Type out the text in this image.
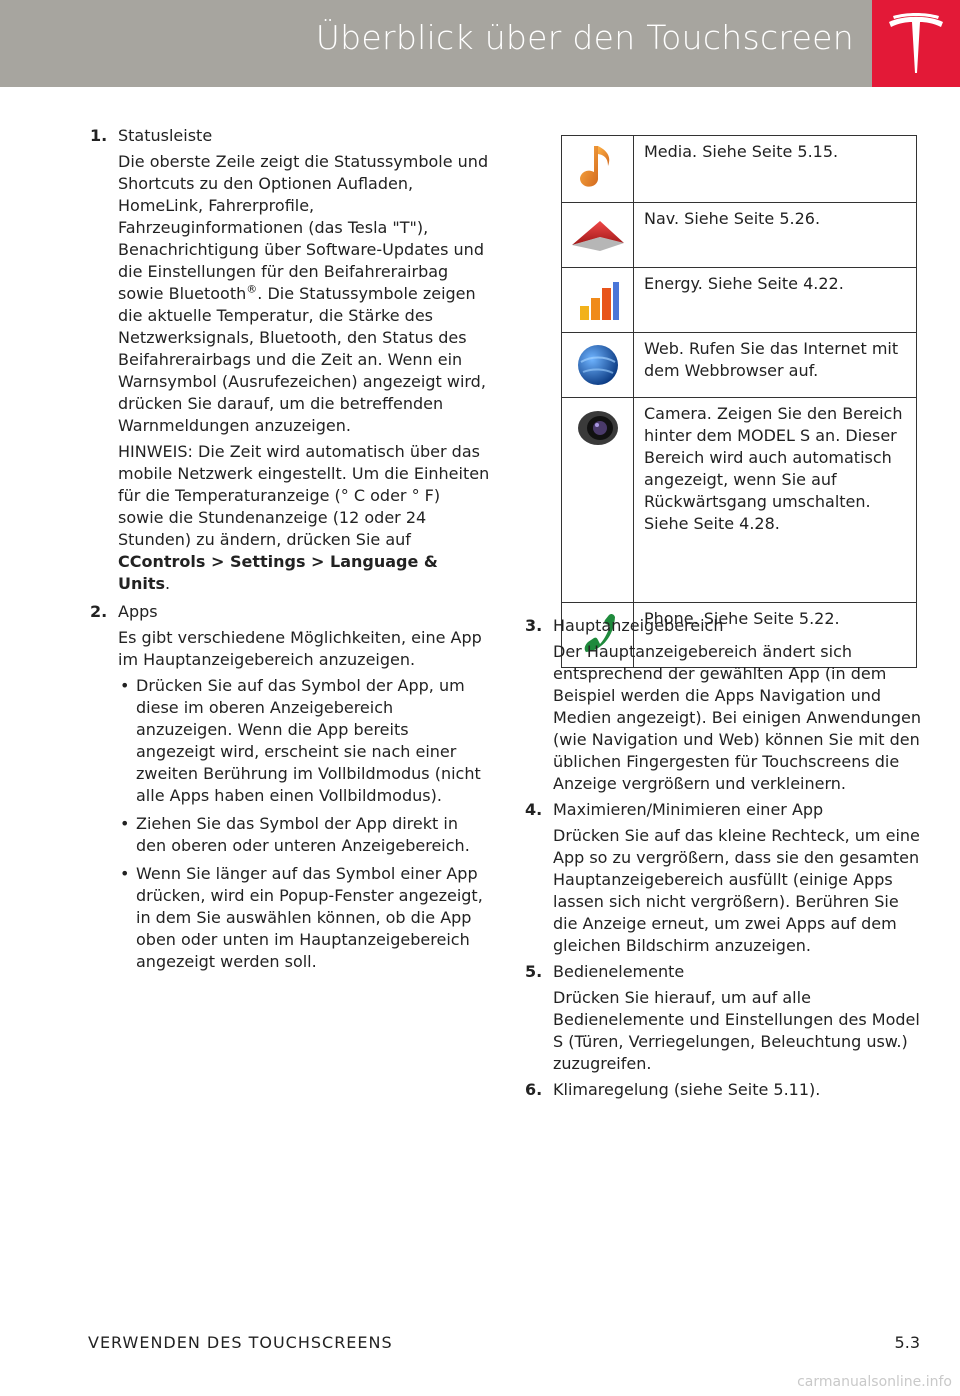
Überblick über den Touchscreen
1. Statusleiste
Die oberste Zeile zeigt die Statussymbole und Shortcuts zu den Optionen Aufladen, HomeLink, Fahrerprofile, Fahrzeuginformationen (das Tesla "T"), Benachrichtigung über Software-Updates und die Einstellungen für den Beifahrerairbag sowie Bluetooth®. Die Statussymbole zeigen die aktuelle Temperatur, die Stärke des Netzwerksignals, Bluetooth, den Status des Beifahrerairbags und die Zeit an. Wenn ein Warnsymbol (Ausrufezeichen) angezeigt wird, drücken Sie darauf, um die betreffenden Warnmeldungen anzuzeigen.
HINWEIS: Die Zeit wird automatisch über das mobile Netzwerk eingestellt. Um die Einheiten für die Temperaturanzeige (° C oder ° F) sowie die Stundenanzeige (12 oder 24 Stunden) zu ändern, drücken Sie auf CControls > Settings > Language & Units.
2. Apps
Es gibt verschiedene Möglichkeiten, eine App im Hauptanzeigebereich anzuzeigen.
• Drücken Sie auf das Symbol der App, um diese im oberen Anzeigebereich anzuzeigen. Wenn die App bereits angezeigt wird, erscheint sie nach einer zweiten Berührung im Vollbildmodus (nicht alle Apps haben einen Vollbildmodus).
• Ziehen Sie das Symbol der App direkt in den oberen oder unteren Anzeigebereich.
• Wenn Sie länger auf das Symbol einer App drücken, wird ein Popup-Fenster angezeigt, in dem Sie auswählen können, ob die App oben oder unten im Hauptanzeigebereich angezeigt werden soll.
	Media. Siehe Seite 5.15.

	Nav. Siehe Seite 5.26.

	Energy. Siehe Seite 4.22.

	Web. Rufen Sie das Internet mit dem Webbrowser auf.

	Camera. Zeigen Sie den Bereich hinter dem MODEL S an. Dieser Bereich wird auch automatisch angezeigt, wenn Sie auf Rückwärtsgang umschalten. Siehe Seite 4.28.

	Phone. Siehe Seite 5.22.
3. Hauptanzeigebereich
Der Hauptanzeigebereich ändert sich entsprechend der gewählten App (in dem Beispiel werden die Apps Navigation und Medien angezeigt). Bei einigen Anwendungen (wie Navigation und Web) können Sie mit den üblichen Fingergesten für Touchscreens die Anzeige vergrößern und verkleinern.
4. Maximieren/Minimieren einer App
Drücken Sie auf das kleine Rechteck, um eine App so zu vergrößern, dass sie den gesamten Hauptanzeigebereich ausfüllt (einige Apps lassen sich nicht vergrößern). Berühren Sie die Anzeige erneut, um zwei Apps auf dem gleichen Bildschirm anzuzeigen.
5. Bedienelemente
Drücken Sie hierauf, um auf alle Bedienelemente und Einstellungen des Model S (Türen, Verriegelungen, Beleuchtung usw.) zuzugreifen.
6. Klimaregelung (siehe Seite 5.11).
VERWENDEN DES TOUCHSCREENS	5.3
carmanualsonline.info
